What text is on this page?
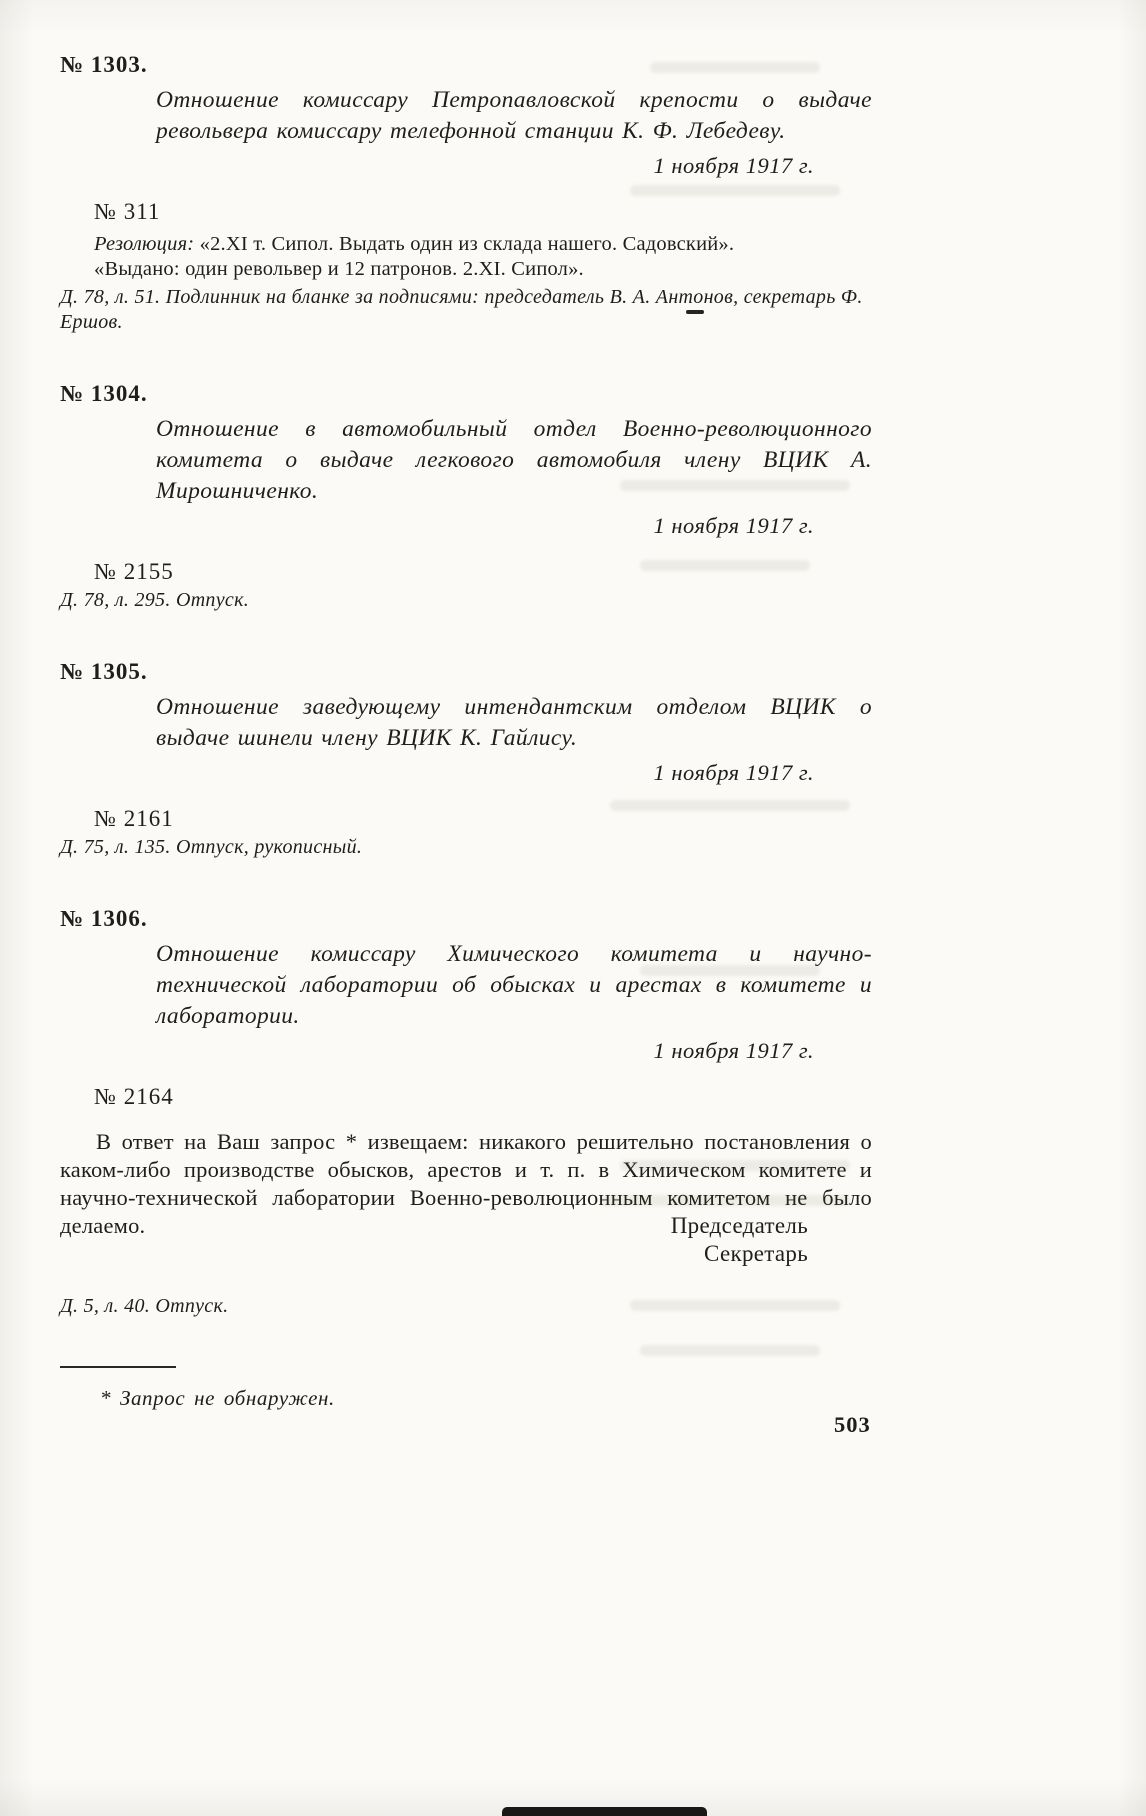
№ 1303.

Отношение комиссару Петропавловской крепости о выдаче револьвера комиссару телефонной станции К. Ф. Лебедеву.

1 ноября 1917 г.
№ 311

Резолюция: «2.XI т. Сипол. Выдать один из склада нашего. Садовский».

«Выдано: один револьвер и 12 патронов. 2.XI. Сипол».

Д. 78, л. 51. Подлинник на бланке за подписями: председатель В. А. Антонов, секретарь Ф. Ершов.

№ 1304.

Отношение в автомобильный отдел Военно-революционного комитета о выдаче легкового автомобиля члену ВЦИК А. Мирошниченко.

1 ноября 1917 г.
№ 2155

Д. 78, л. 295. Отпуск.

№ 1305.

Отношение заведующему интендантским отделом ВЦИК о выдаче шинели члену ВЦИК К. Гайлису.

1 ноября 1917 г.
№ 2161

Д. 75, л. 135. Отпуск, рукописный.

№ 1306.

Отношение комиссару Химического комитета и научно-технической лаборатории об обысках и арестах в комитете и лаборатории.

1 ноября 1917 г.
№ 2164

В ответ на Ваш запрос * извещаем: никакого решительно постановления о каком-либо производстве обысков, арестов и т. п. в Химическом комитете и научно-технической лаборатории Военно-революционным комитетом не было делаемо.	Председатель
Секретарь

Д. 5, л. 40. Отпуск.

* Запрос не обнаружен.
503
